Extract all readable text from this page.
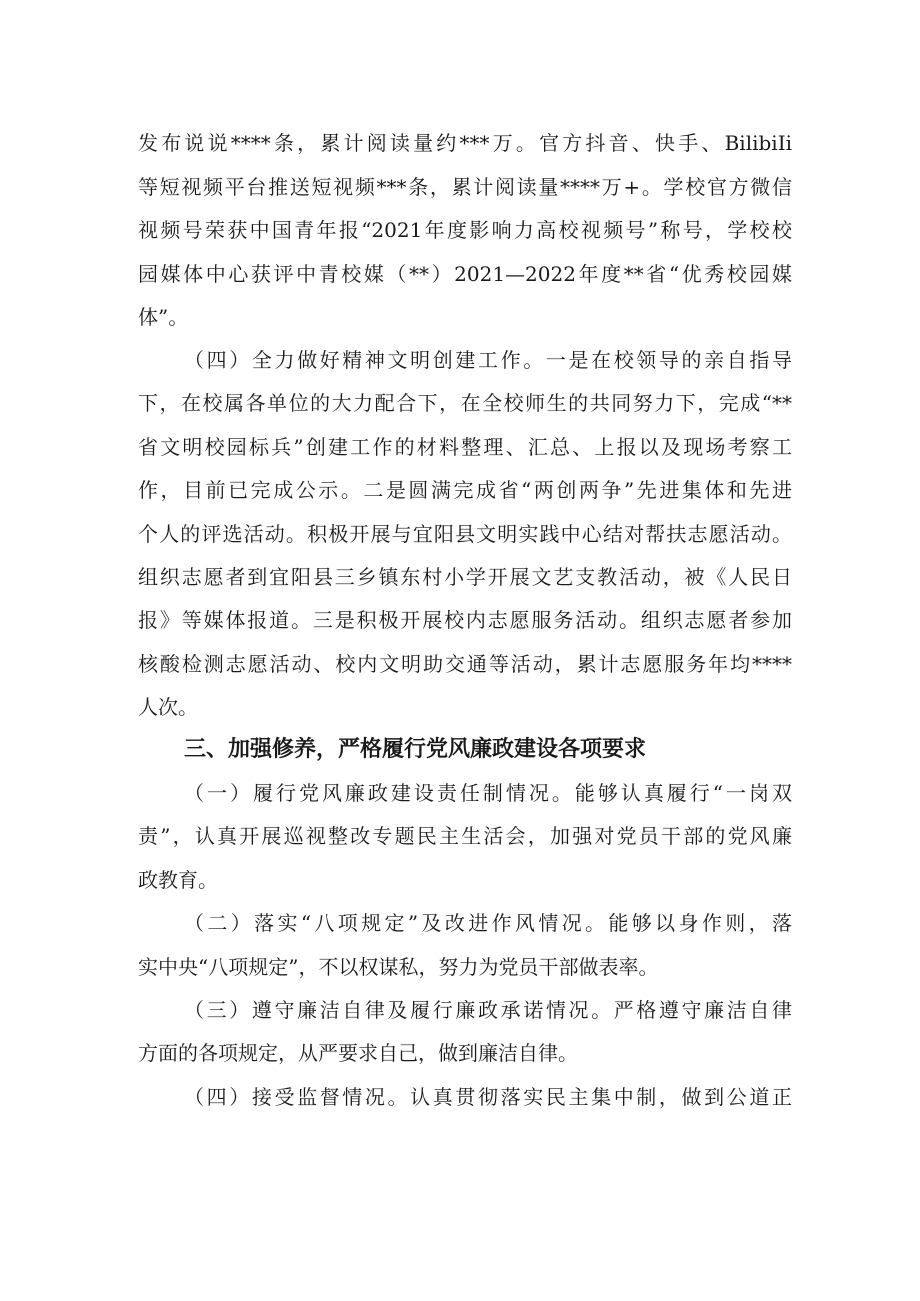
发布说说****条，累计阅读量约***万。官方抖音、快手、BilibiIi
等短视频平台推送短视频***条，累计阅读量****万+。学校官方微信
视频号荣获中国青年报“2021年度影响力高校视频号”称号，学校校
园媒体中心获评中青校媒（**）2021—2022年度**省“优秀校园媒
体”。
（四）全力做好精神文明创建工作。一是在校领导的亲自指导
下，在校属各单位的大力配合下，在全校师生的共同努力下，完成“**
省文明校园标兵”创建工作的材料整理、汇总、上报以及现场考察工
作，目前已完成公示。二是圆满完成省“两创两争”先进集体和先进
个人的评选活动。积极开展与宜阳县文明实践中心结对帮扶志愿活动。
组织志愿者到宜阳县三乡镇东村小学开展文艺支教活动，被《人民日
报》等媒体报道。三是积极开展校内志愿服务活动。组织志愿者参加
核酸检测志愿活动、校内文明助交通等活动，累计志愿服务年均****
人次。
三、加强修养，严格履行党风廉政建设各项要求
（一）履行党风廉政建设责任制情况。能够认真履行“一岗双
责”，认真开展巡视整改专题民主生活会，加强对党员干部的党风廉
政教育。
（二）落实“八项规定”及改进作风情况。能够以身作则，落
实中央“八项规定”，不以权谋私，努力为党员干部做表率。
（三）遵守廉洁自律及履行廉政承诺情况。严格遵守廉洁自律
方面的各项规定，从严要求自己，做到廉洁自律。
（四）接受监督情况。认真贯彻落实民主集中制，做到公道正
